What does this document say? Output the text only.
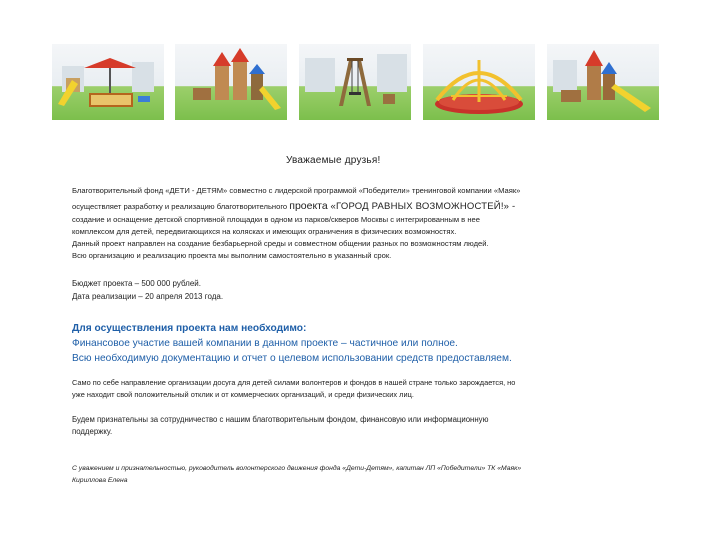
Уважаемые друзья!
Благотворительный фонд «ДЕТИ - ДЕТЯМ» совместно с лидерской программой «Победители» тренинговой компании «Маяк»
осуществляет разработку и реализацию благотворительного проекта «ГОРОД РАВНЫХ ВОЗМОЖНОСТЕЙ!» -
создание и оснащение детской спортивной площадки в одном из парков/скверов Москвы с интегрированным в нее
комплексом для детей, передвигающихся на колясках и имеющих ограничения в физических возможностях.
Данный проект направлен на создание безбарьерной среды и совместном общении разных по возможностям людей.
Всю организацию и реализацию проекта мы выполним самостоятельно в указанный срок.
Бюджет проекта – 500 000 рублей.
Дата реализации – 20 апреля 2013 года.
Для осуществления проекта нам необходимо:
Финансовое участие вашей компании в данном проекте – частичное или полное.
Всю необходимую документацию и отчет о целевом использовании средств предоставляем.
Само по себе направление организации досуга для детей силами волонтеров и фондов в нашей стране только зарождается, но
уже находит свой положительный отклик и от коммерческих организаций, и среди физических лиц.
Будем признательны за сотрудничество с нашим благотворительным фондом, финансовую или информационную
поддержку.
С уважением и признательностью, руководитель волонтерского движения фонда «Дети-Детям», капитан ЛП «Победители» ТК «Маяк»
Кириллова Елена
